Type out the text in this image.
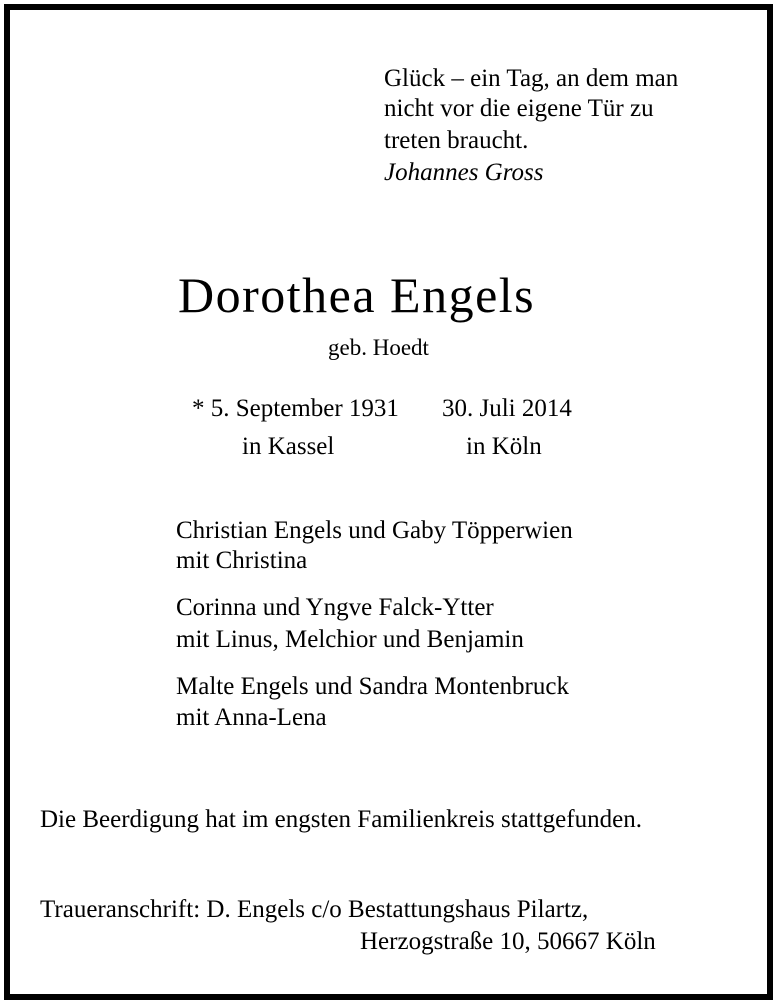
Glück – ein Tag, an dem man
nicht vor die eigene Tür zu
treten braucht.
Johannes Gross
Dorothea Engels
geb. Hoedt
* 5. September 1931 30. Juli 2014
in Kassel	in Köln
Christian Engels und Gaby Töpperwien
mit Christina
Corinna und Yngve Falck-Ytter
mit Linus, Melchior und Benjamin
Malte Engels und Sandra Montenbruck
mit Anna-Lena
Die Beerdigung hat im engsten Familienkreis stattgefunden.
Traueranschrift: D. Engels c/o Bestattungshaus Pilartz,
Herzogstraße 10, 50667 Köln
